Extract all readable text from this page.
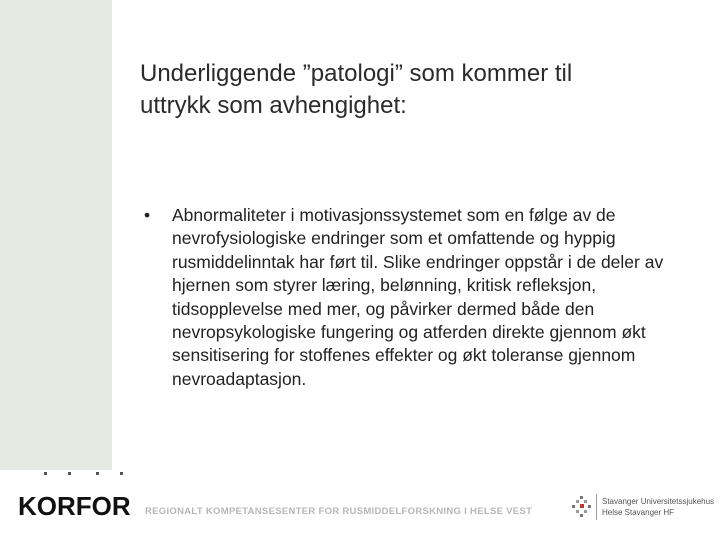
Underliggende ”patologi” som kommer til
uttrykk som avhengighet:
• Abnormaliteter i motivasjonssystemet som en følge av de nevrofysiologiske endringer som et omfattende og hyppig rusmiddelinntak har ført til. Slike endringer oppstår i de deler av hjernen som styrer læring, belønning, kritisk refleksjon, tidsopplevelse med mer, og påvirker dermed både den nevropsykologiske fungering og atferden direkte gjennom økt sensitisering for stoffenes effekter og økt toleranse gjennom nevroadaptasjon.
KORFOR REGIONALT KOMPETANSESENTER FOR RUSMIDDELFORSKNING I HELSE VEST
Stavanger Universitetssjukehus
Helse Stavanger HF
